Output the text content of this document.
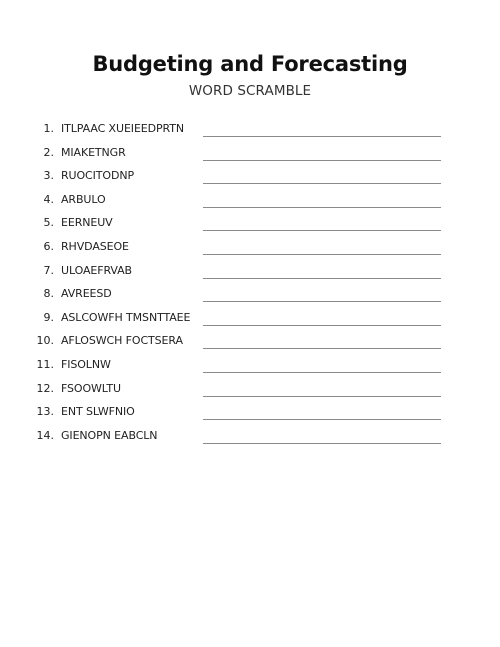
Budgeting and Forecasting
WORD SCRAMBLE
1. ITLPAAC XUEIEEDPRTN
2. MIAKETNGR
3. RUOCITODNP
4. ARBULO
5. EERNEUV
6. RHVDASEOE
7. ULOAEFRVAB
8. AVREESD
9. ASLCOWFH TMSNTTAEE
10. AFLOSWCH FOCTSERA
11. FISOLNW
12. FSOOWLTU
13. ENT SLWFNIO
14. GIENOPN EABCLN
